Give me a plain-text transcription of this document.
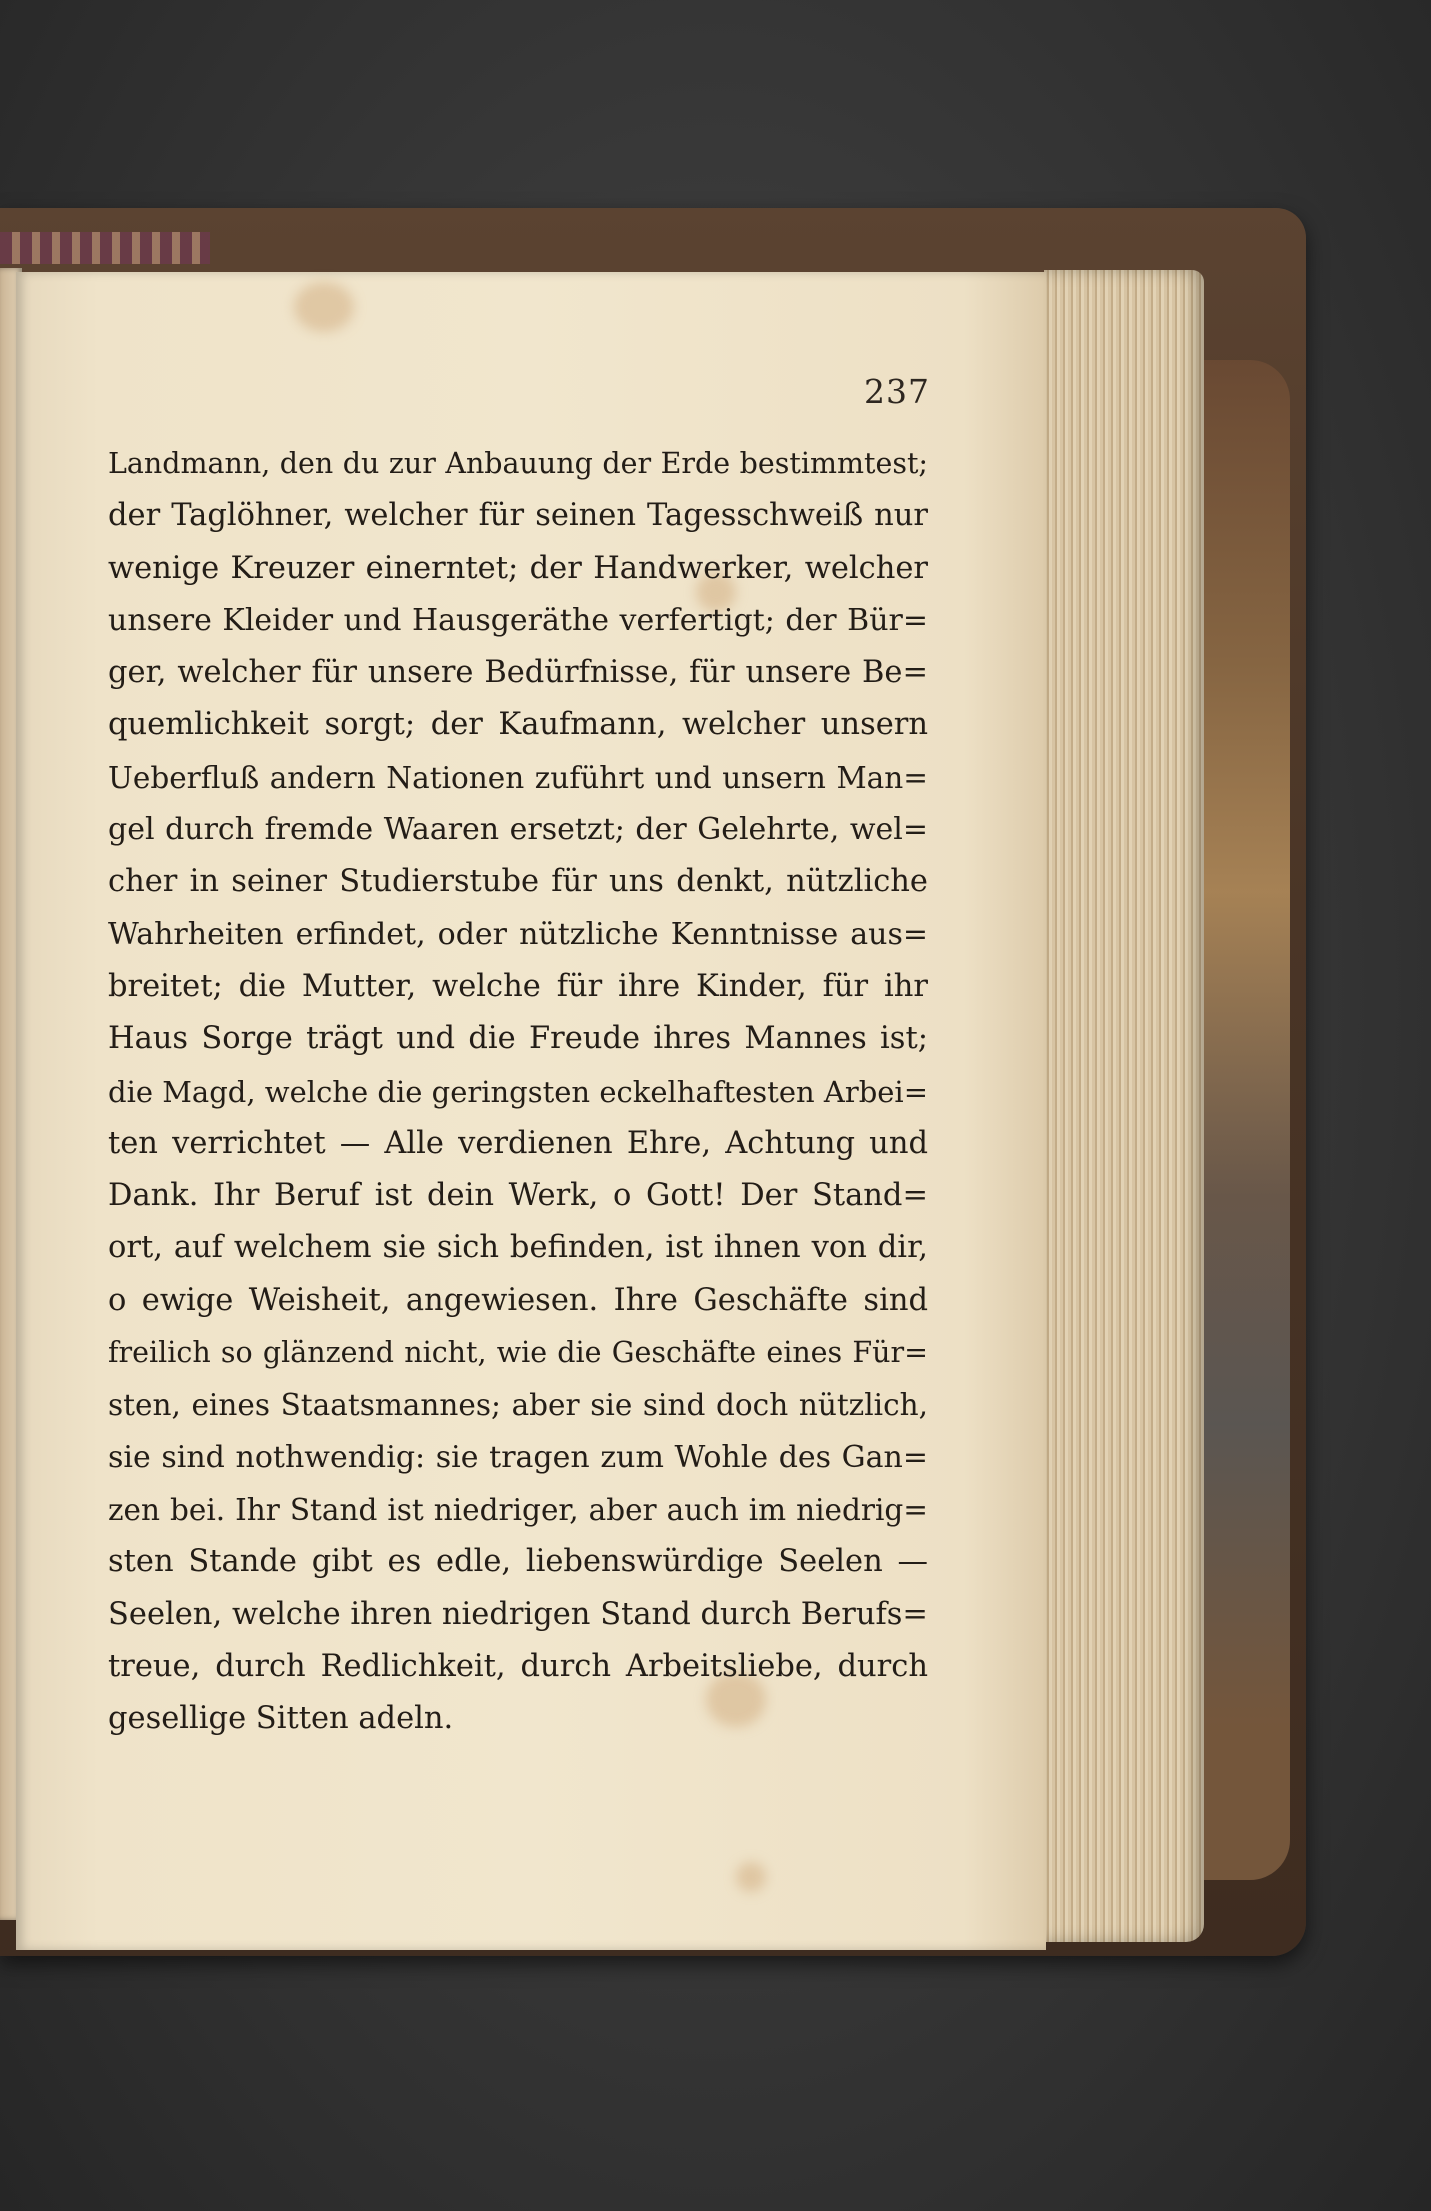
237
Landmann, den du zur Anbauung der Erde bestimmtest;
der Taglöhner, welcher für seinen Tagesschweiß nur
wenige Kreuzer einerntet; der Handwerker, welcher
unsere Kleider und Hausgeräthe verfertigt; der Bür=
ger, welcher für unsere Bedürfnisse, für unsere Be=
quemlichkeit sorgt; der Kaufmann, welcher unsern
Ueberfluß andern Nationen zuführt und unsern Man=
gel durch fremde Waaren ersetzt; der Gelehrte, wel=
cher in seiner Studierstube für uns denkt, nützliche
Wahrheiten erfindet, oder nützliche Kenntnisse aus=
breitet; die Mutter, welche für ihre Kinder, für ihr
Haus Sorge trägt und die Freude ihres Mannes ist;
die Magd, welche die geringsten eckelhaftesten Arbei=
ten verrichtet — Alle verdienen Ehre, Achtung und
Dank. Ihr Beruf ist dein Werk, o Gott! Der Stand=
ort, auf welchem sie sich befinden, ist ihnen von dir,
o ewige Weisheit, angewiesen. Ihre Geschäfte sind
freilich so glänzend nicht, wie die Geschäfte eines Für=
sten, eines Staatsmannes; aber sie sind doch nützlich,
sie sind nothwendig: sie tragen zum Wohle des Gan=
zen bei. Ihr Stand ist niedriger, aber auch im niedrig=
sten Stande gibt es edle, liebenswürdige Seelen —
Seelen, welche ihren niedrigen Stand durch Berufs=
treue, durch Redlichkeit, durch Arbeitsliebe, durch
gesellige Sitten adeln.
